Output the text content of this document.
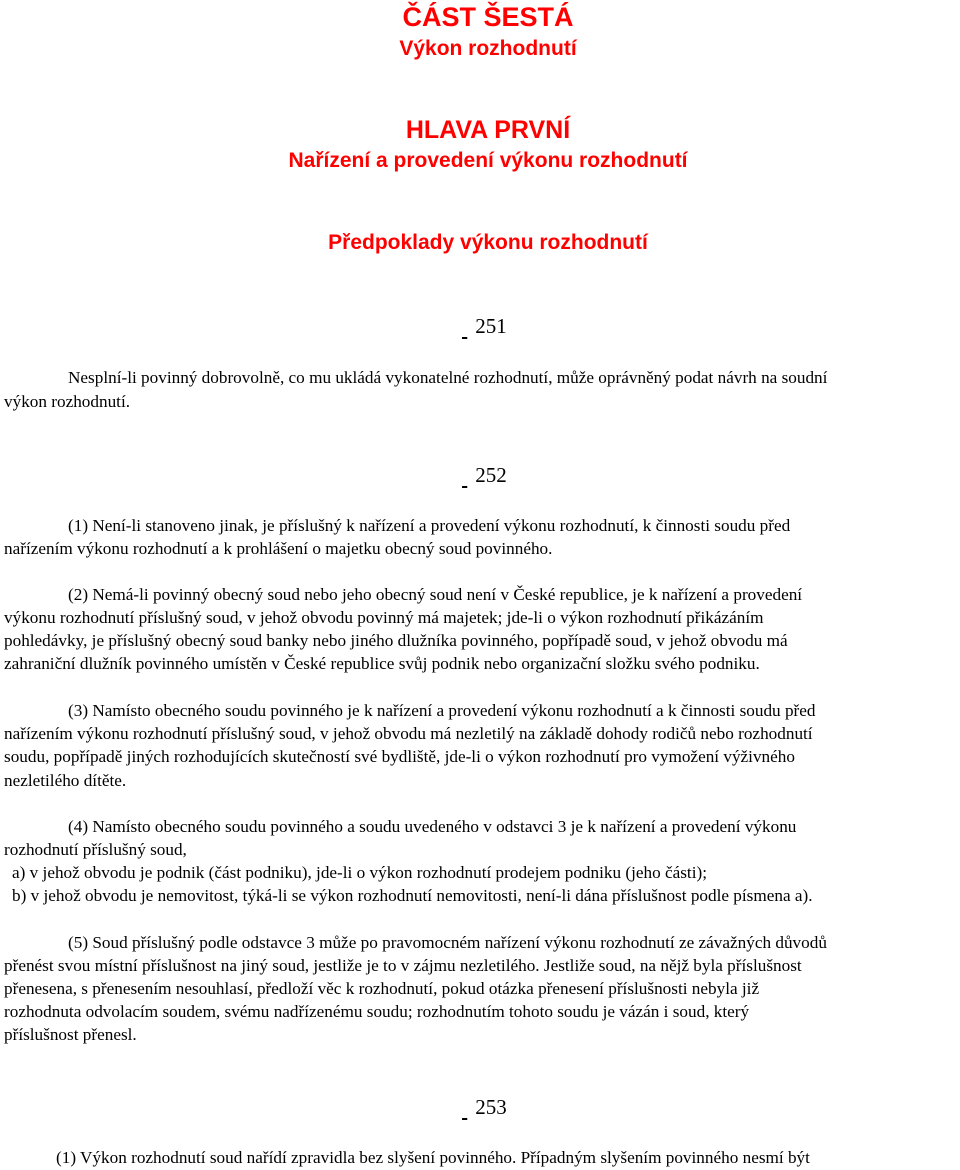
ČÁST ŠESTÁ
Výkon rozhodnutí
HLAVA PRVNÍ
Nařízení a provedení výkonu rozhodnutí
Předpoklady výkonu rozhodnutí
251
Nesplní-li povinný dobrovolně, co mu ukládá vykonatelné rozhodnutí, může oprávněný podat návrh na soudní
výkon rozhodnutí.
252
(1) Není-li stanoveno jinak, je příslušný k nařízení a provedení výkonu rozhodnutí, k činnosti soudu před
nařízením výkonu rozhodnutí a k prohlášení o majetku obecný soud povinného.
(2) Nemá-li povinný obecný soud nebo jeho obecný soud není v České republice, je k nařízení a provedení
výkonu rozhodnutí příslušný soud, v jehož obvodu povinný má majetek; jde-li o výkon rozhodnutí přikázáním
pohledávky, je příslušný obecný soud banky nebo jiného dlužníka povinného, popřípadě soud, v jehož obvodu má
zahraniční dlužník povinného umístěn v České republice svůj podnik nebo organizační složku svého podniku.
(3) Namísto obecného soudu povinného je k nařízení a provedení výkonu rozhodnutí a k činnosti soudu před
nařízením výkonu rozhodnutí příslušný soud, v jehož obvodu má nezletilý na základě dohody rodičů nebo rozhodnutí
soudu, popřípadě jiných rozhodujících skutečností své bydliště, jde-li o výkon rozhodnutí pro vymožení výživného
nezletilého dítěte.
(4) Namísto obecného soudu povinného a soudu uvedeného v odstavci 3 je k nařízení a provedení výkonu
rozhodnutí příslušný soud,
a) v jehož obvodu je podnik (část podniku), jde-li o výkon rozhodnutí prodejem podniku (jeho části);
b) v jehož obvodu je nemovitost, týká-li se výkon rozhodnutí nemovitosti, není-li dána příslušnost podle písmena a).
(5) Soud příslušný podle odstavce 3 může po pravomocném nařízení výkonu rozhodnutí ze závažných důvodů
přenést svou místní příslušnost na jiný soud, jestliže je to v zájmu nezletilého. Jestliže soud, na nějž byla příslušnost
přenesena, s přenesením nesouhlasí, předloží věc k rozhodnutí, pokud otázka přenesení příslušnosti nebyla již
rozhodnuta odvolacím soudem, svému nadřízenému soudu; rozhodnutím tohoto soudu je vázán i soud, který
příslušnost přenesl.
253
(1) Výkon rozhodnutí soud nařídí zpravidla bez slyšení povinného. Případným slyšením povinného nesmí být
